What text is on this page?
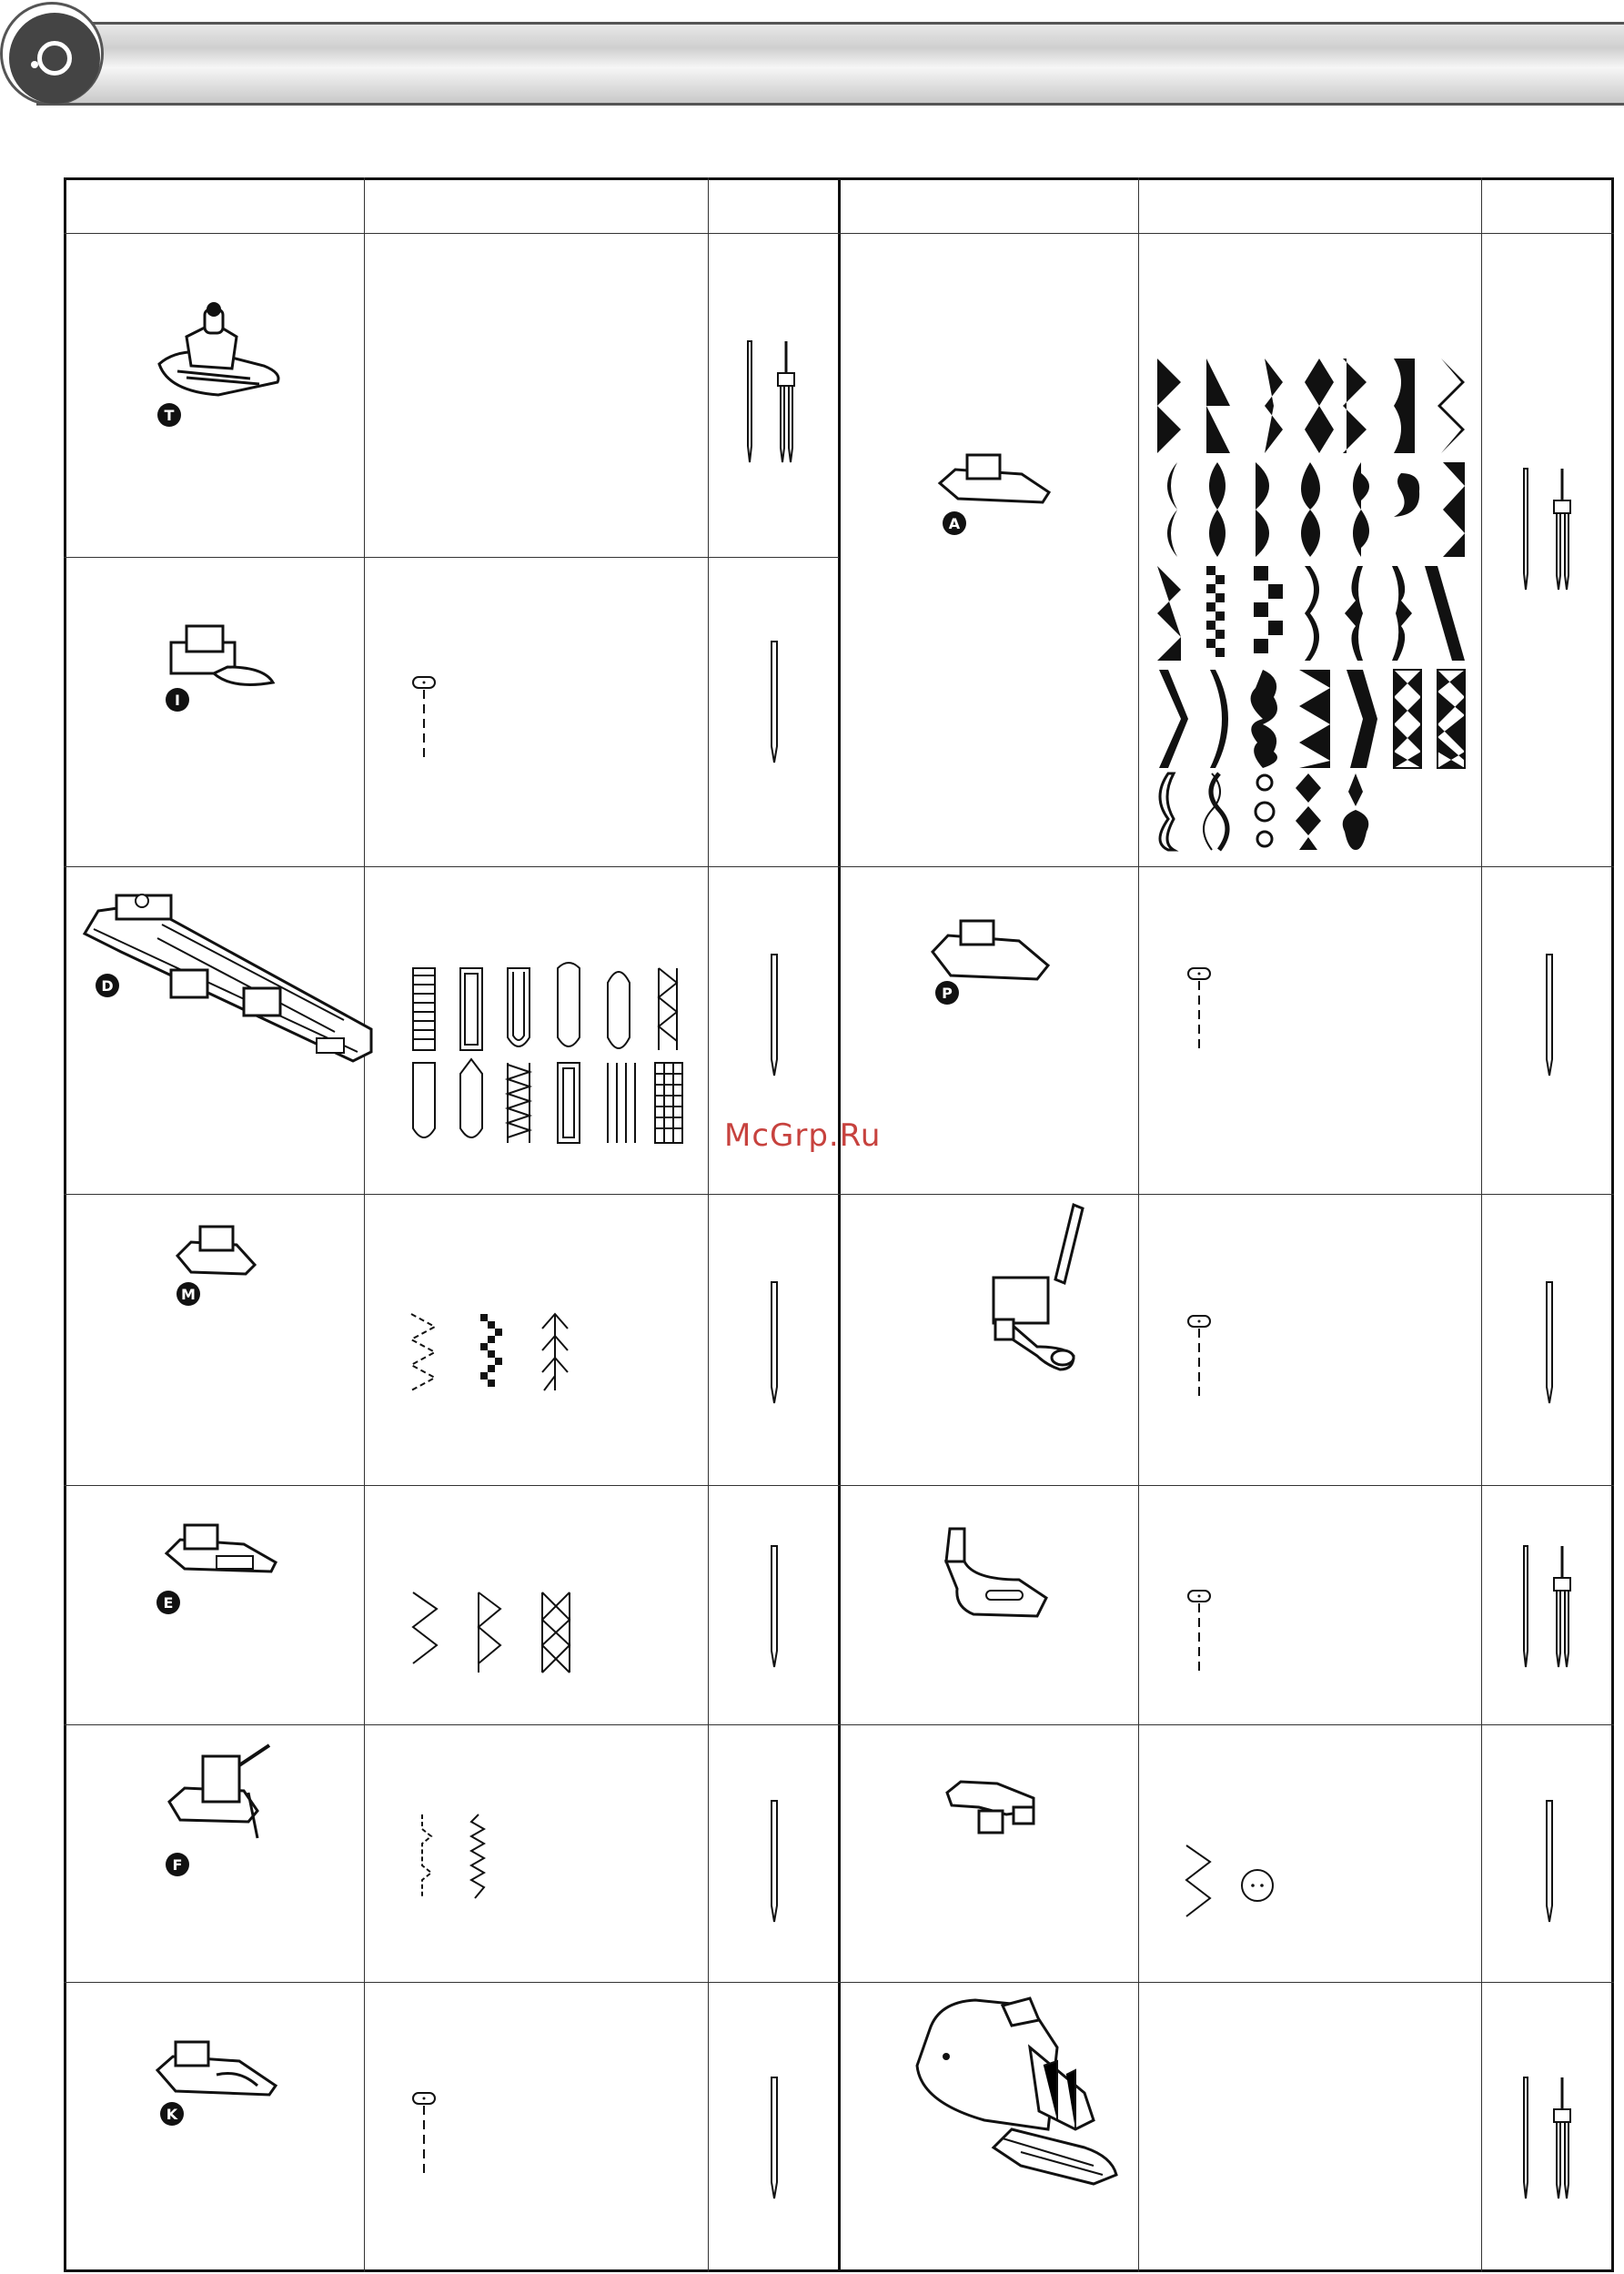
McGrp.Ru
T
I
D
M
E
F
K
A
P
